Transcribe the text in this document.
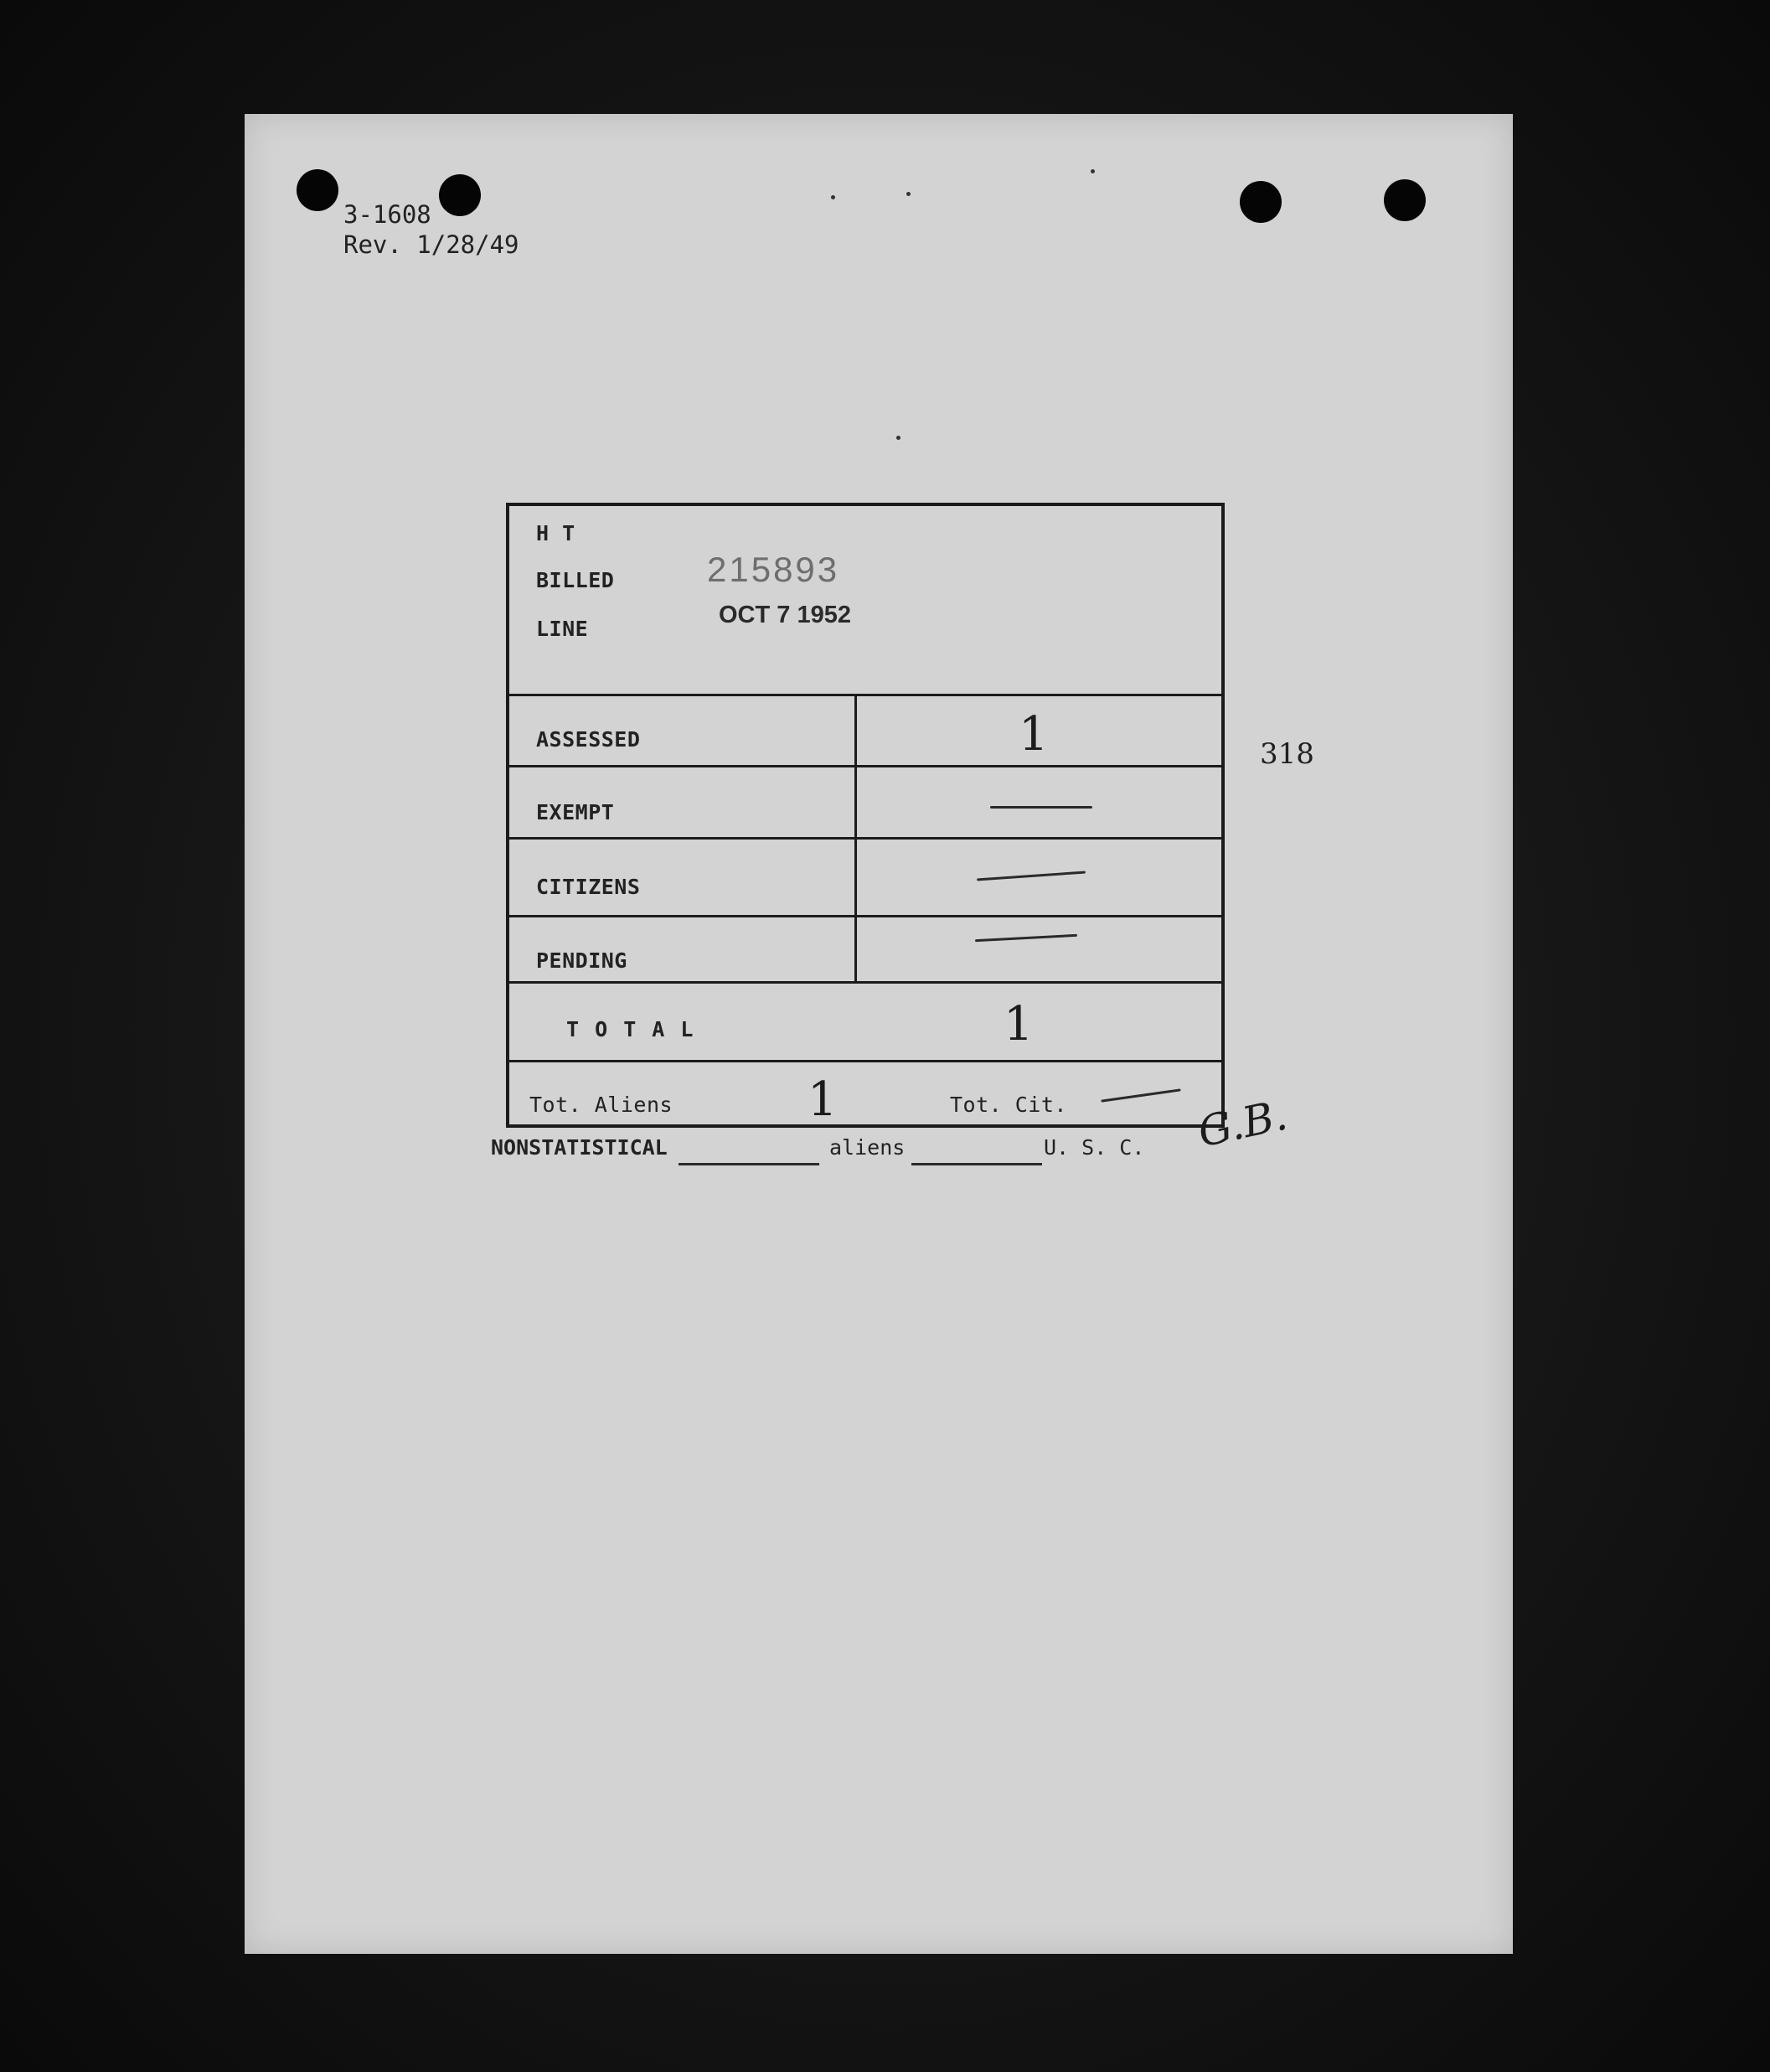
3-1608
Rev. 1/28/49
H T
BILLED
LINE
215893
OCT 7 1952
ASSESSED	1
EXEMPT
CITIZENS
PENDING
T O T A L	1
Tot. Aliens	1	Tot. Cit.
318
NONSTATISTICAL	aliens	U. S. C. G.B.
